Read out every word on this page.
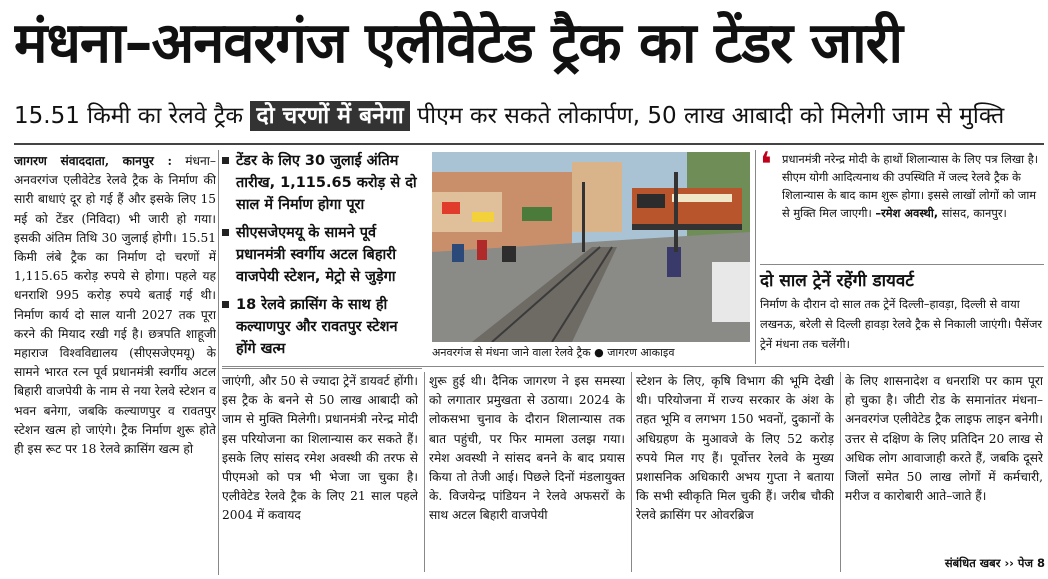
मंधना–अनवरगंज एलीवेटेड ट्रैक का टेंडर जारी
15.51 किमी का रेलवे ट्रैक दो चरणों में बनेगा पीएम कर सकते लोकार्पण, 50 लाख आबादी को मिलेगी जाम से मुक्ति

जागरण संवाददाता, कानपुर : मंधना–अनवरगंज एलीवेटेड रेलवे ट्रैक के निर्माण की सारी बाधाएं दूर हो गई हैं और इसके लिए 15 मई को टेंडर (निविदा) भी जारी हो गया। इसकी अंतिम तिथि 30 जुलाई होगी। 15.51 किमी लंबे ट्रैक का निर्माण दो चरणों में 1,115.65 करोड़ रुपये से होगा। पहले यह धनराशि 995 करोड़ रुपये बताई गई थी। निर्माण कार्य दो साल यानी 2027 तक पूरा करने की मियाद रखी गई है। छत्रपति शाहूजी महाराज विश्वविद्यालय (सीएसजेएमयू) के सामने भारत रत्न पूर्व प्रधानमंत्री स्वर्गीय अटल बिहारी वाजपेयी के नाम से नया रेलवे स्टेशन व भवन बनेगा, जबकि कल्याणपुर व रावतपुर स्टेशन खत्म हो जाएंगे। ट्रैक निर्माण शुरू होते ही इस रूट पर 18 रेलवे क्रासिंग खत्म हो

टेंडर के लिए 30 जुलाई अंतिम तारीख, 1,115.65 करोड़ से दो साल में निर्माण होगा पूरा
सीएसजेएमयू के सामने पूर्व प्रधानमंत्री स्वर्गीय अटल बिहारी वाजपेयी स्टेशन, मेट्रो से जुड़ेगा
18 रेलवे क्रासिंग के साथ ही कल्याणपुर और रावतपुर स्टेशन होंगे खत्म	अनवरगंज से मंधना जाने वाला रेलवे ट्रैक ● जागरण आकाइव
❛ प्रधानमंत्री नरेन्द्र मोदी के हाथों शिलान्यास के लिए पत्र लिखा है। सीएम योगी आदित्यनाथ की उपस्थिति में जल्द रेलवे ट्रैक के शिलान्यास के बाद काम शुरू होगा। इससे लाखों लोगों को जाम से मुक्ति मिल जाएगी। –रमेश अवस्थी, सांसद, कानपुर।
दो साल ट्रेनें रहेंगी डायवर्ट
निर्माण के दौरान दो साल तक ट्रेनें दिल्ली–हावड़ा, दिल्ली से वाया लखनऊ, बरेली से दिल्ली हावड़ा रेलवे ट्रैक से निकाली जाएंगी। पैसेंजर ट्रेनें मंधना तक चलेंगी।

जाएंगी, और 50 से ज्यादा ट्रेनें डायवर्ट होंगी। इस ट्रैक के बनने से 50 लाख आबादी को जाम से मुक्ति मिलेगी। प्रधानमंत्री नरेन्द्र मोदी इस परियोजना का शिलान्यास कर सकते हैं। इसके लिए सांसद रमेश अवस्थी की तरफ से पीएमओ को पत्र भी भेजा जा चुका है। एलीवेटेड रेलवे ट्रैक के लिए 21 साल पहले 2004 में कवायद

शुरू हुई थी। दैनिक जागरण ने इस समस्या को लगातार प्रमुखता से उठाया। 2024 के लोकसभा चुनाव के दौरान शिलान्यास तक बात पहुंची, पर फिर मामला उलझ गया। रमेश अवस्थी ने सांसद बनने के बाद प्रयास किया तो तेजी आई। पिछले दिनों मंडलायुक्त के. विजयेन्द्र पांडियन ने रेलवे अफसरों के साथ अटल बिहारी वाजपेयी

स्टेशन के लिए, कृषि विभाग की भूमि देखी थी। परियोजना में राज्य सरकार के अंश के तहत भूमि व लगभग 150 भवनों, दुकानों के अधिग्रहण के मुआवजे के लिए 52 करोड़ रुपये मिल गए हैं। पूर्वोत्तर रेलवे के मुख्य प्रशासनिक अधिकारी अभय गुप्ता ने बताया कि सभी स्वीकृति मिल चुकी हैं। जरीब चौकी रेलवे क्रासिंग पर ओवरब्रिज

के लिए शासनादेश व धनराशि पर काम पूरा हो चुका है। जीटी रोड के समानांतर मंधना–अनवरगंज एलीवेटेड ट्रैक लाइफ लाइन बनेगी। उत्तर से दक्षिण के लिए प्रतिदिन 20 लाख से अधिक लोग आवाजाही करते हैं, जबकि दूसरे जिलों समेत 50 लाख लोगों में कर्मचारी, मरीज व कारोबारी आते–जाते हैं।

संबंधित खबर ›› पेज 8
